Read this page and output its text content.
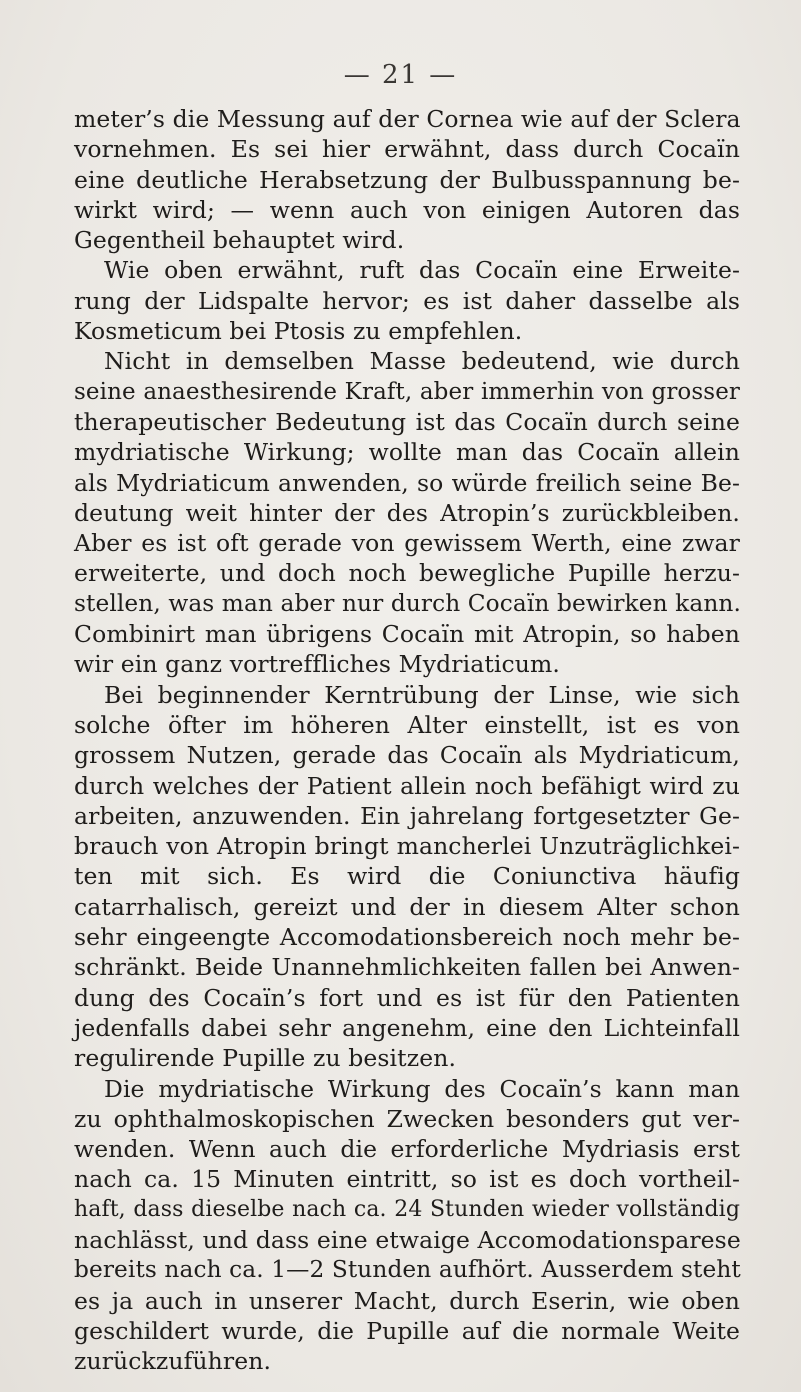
— 21 —
meter’s die Messung auf der Cornea wie auf der Sclera
vornehmen. Es sei hier erwähnt, dass durch Cocaïn
eine deutliche Herabsetzung der Bulbusspannung be-
wirkt wird; — wenn auch von einigen Autoren das
Gegentheil behauptet wird.
Wie oben erwähnt, ruft das Cocaïn eine Erweite-
rung der Lidspalte hervor; es ist daher dasselbe als
Kosmeticum bei Ptosis zu empfehlen.
Nicht in demselben Masse bedeutend, wie durch
seine anaesthesirende Kraft, aber immerhin von grosser
therapeutischer Bedeutung ist das Cocaïn durch seine
mydriatische Wirkung; wollte man das Cocaïn allein
als Mydriaticum anwenden, so würde freilich seine Be-
deutung weit hinter der des Atropin’s zurückbleiben.
Aber es ist oft gerade von gewissem Werth, eine zwar
erweiterte, und doch noch bewegliche Pupille herzu-
stellen, was man aber nur durch Cocaïn bewirken kann.
Combinirt man übrigens Cocaïn mit Atropin, so haben
wir ein ganz vortreffliches Mydriaticum.
Bei beginnender Kerntrübung der Linse, wie sich
solche öfter im höheren Alter einstellt, ist es von
grossem Nutzen, gerade das Cocaïn als Mydriaticum,
durch welches der Patient allein noch befähigt wird zu
arbeiten, anzuwenden. Ein jahrelang fortgesetzter Ge-
brauch von Atropin bringt mancherlei Unzuträglichkei-
ten mit sich. Es wird die Coniunctiva häufig
catarrhalisch, gereizt und der in diesem Alter schon
sehr eingeengte Accomodationsbereich noch mehr be-
schränkt. Beide Unannehmlichkeiten fallen bei Anwen-
dung des Cocaïn’s fort und es ist für den Patienten
jedenfalls dabei sehr angenehm, eine den Lichteinfall
regulirende Pupille zu besitzen.
Die mydriatische Wirkung des Cocaïn’s kann man
zu ophthalmoskopischen Zwecken besonders gut ver-
wenden. Wenn auch die erforderliche Mydriasis erst
nach ca. 15 Minuten eintritt, so ist es doch vortheil-
haft, dass dieselbe nach ca. 24 Stunden wieder vollständig
nachlässt, und dass eine etwaige Accomodationsparese
bereits nach ca. 1—2 Stunden aufhört. Ausserdem steht
es ja auch in unserer Macht, durch Eserin, wie oben
geschildert wurde, die Pupille auf die normale Weite
zurückzuführen.
